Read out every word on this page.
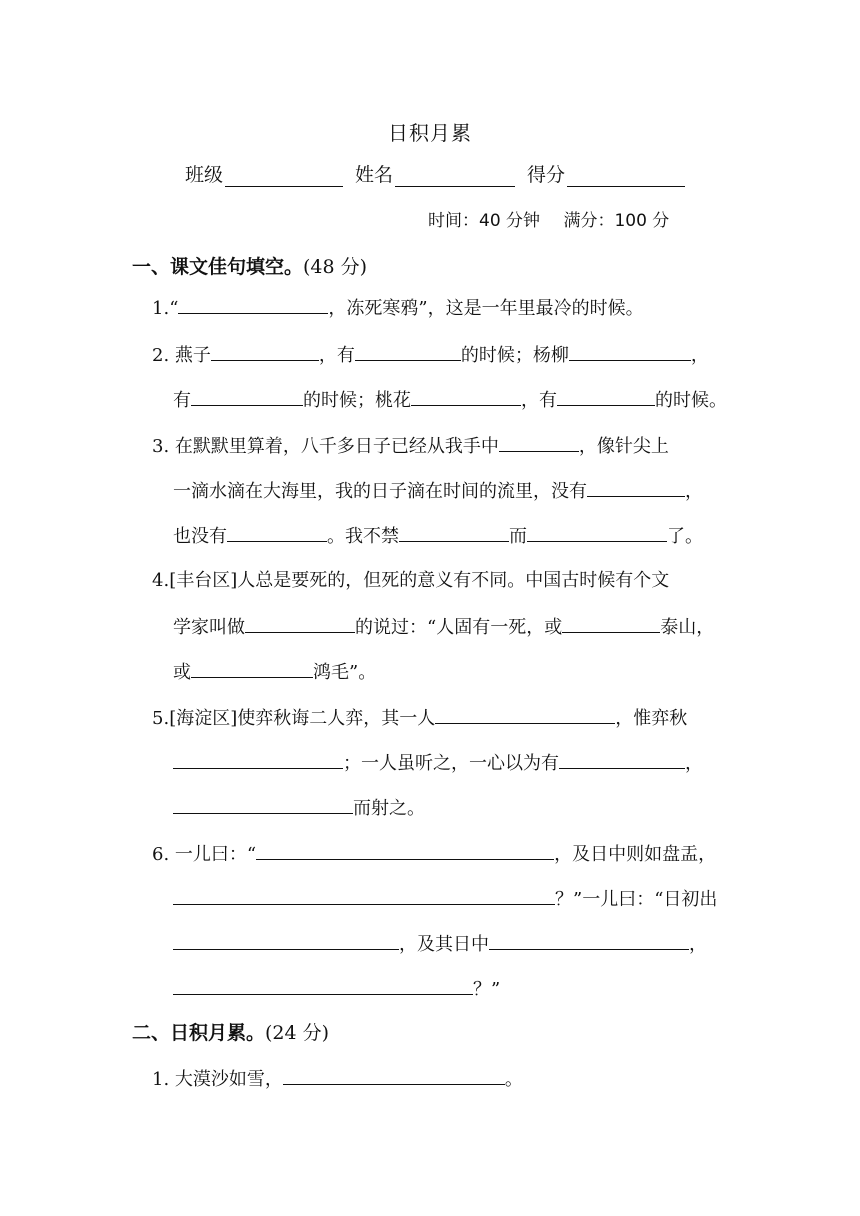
日积月累
班级	姓名	得分
时间：40 分钟 满分：100 分
一、课文佳句填空。(48 分)
1.“	，冻死寒鸦”，这是一年里最冷的时候。
2. 燕子	，有	的时候；杨柳	，
有	的时候；桃花	，有	的时候。
3. 在默默里算着，八千多日子已经从我手中	，像针尖上
一滴水滴在大海里，我的日子滴在时间的流里，没有	，
也没有	。我不禁	而	了。
4.[丰台区]人总是要死的，但死的意义有不同。中国古时候有个文
学家叫做	的说过：“人固有一死，或	泰山，
或	鸿毛”。
5.[海淀区]使弈秋诲二人弈，其一人	，惟弈秋
；一人虽听之，一心以为有	，
而射之。
6. 一儿曰：“	，及日中则如盘盂，
？”一儿曰：“日初出
，及其日中	，
？”
二、日积月累。(24 分)
1. 大漠沙如雪，	。
